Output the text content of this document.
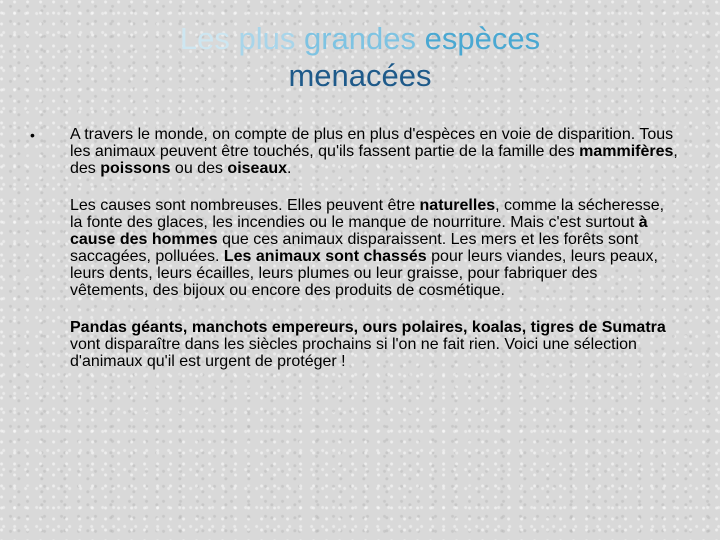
Les plus grandes espèces
menacées
• A travers le monde, on compte de plus en plus d'espèces en voie de disparition. Tous les animaux peuvent être touchés, qu'ils fassent partie de la famille des mammifères, des poissons ou des oiseaux.

Les causes sont nombreuses. Elles peuvent être naturelles, comme la sécheresse, la fonte des glaces, les incendies ou le manque de nourriture. Mais c'est surtout à cause des hommes que ces animaux disparaissent. Les mers et les forêts sont saccagées, polluées. Les animaux sont chassés pour leurs viandes, leurs peaux, leurs dents, leurs écailles, leurs plumes ou leur graisse, pour fabriquer des vêtements, des bijoux ou encore des produits de cosmétique.

Pandas géants, manchots empereurs, ours polaires, koalas, tigres de Sumatra vont disparaître dans les siècles prochains si l'on ne fait rien. Voici une sélection d'animaux qu'il est urgent de protéger !
